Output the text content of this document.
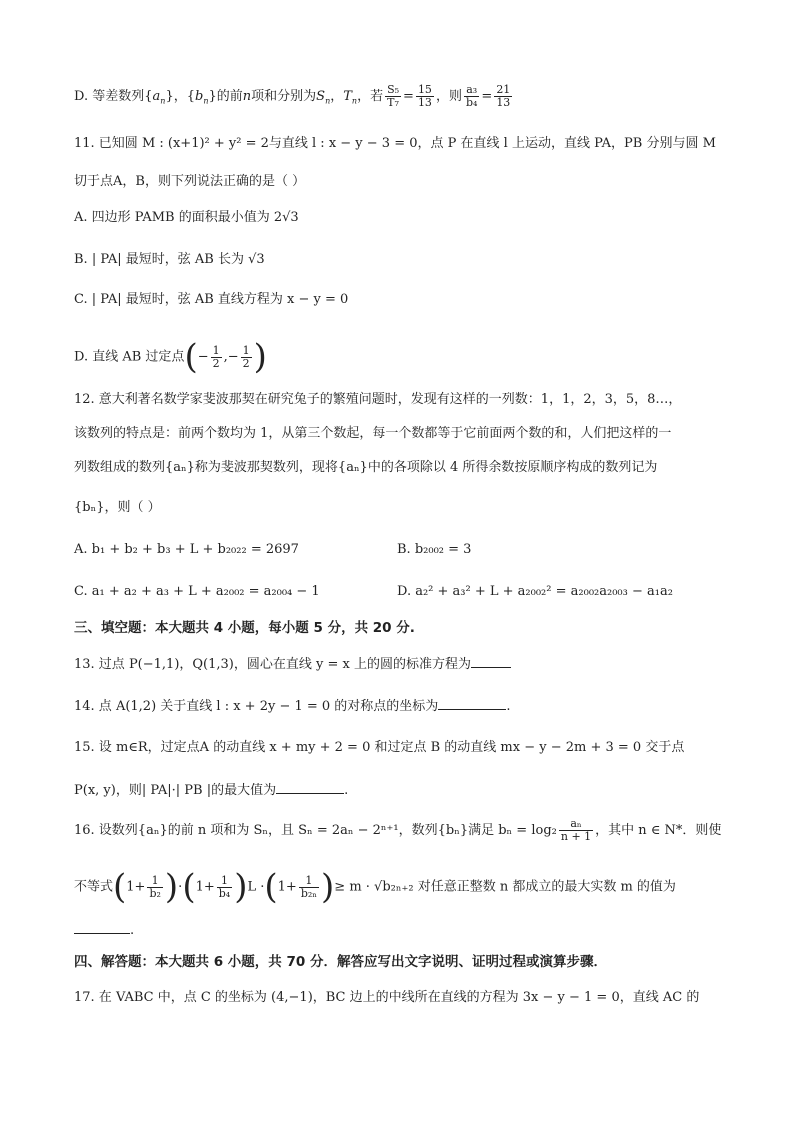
D. 等差数列$\{a_n\}$，$\{b_n\}$的前n项和分别为$S_n$，$T_n$，若 $\frac{\text{S₅}}{\text{T₇}} = \frac{15}{13}$ ，则 $\frac{\text{a₃}}{\text{b₄}} = \frac{21}{13}$
11. 已知圆 M : (x+1)² + y² = 2与直线 l : x − y − 3 = 0，点 P 在直线 l 上运动，直线 PA，PB 分别与圆 M
切于点A，B，则下列说法正确的是（ ）
A. 四边形 PAMB 的面积最小值为 2√3
B. | PA| 最短时，弦 AB 长为 √3
C. | PA| 最短时，弦 AB 直线方程为 x − y = 0
D. 直线 AB 过定点(− $\frac{1}{2}$ ,− $\frac{1}{2}$ )
12. 意大利著名数学家斐波那契在研究兔子的繁殖问题时，发现有这样的一列数：1，1，2，3，5，8…，
该数列的特点是：前两个数均为 1，从第三个数起，每一个数都等于它前面两个数的和，人们把这样的一
列数组成的数列{aₙ}称为斐波那契数列，现将{aₙ}中的各项除以 4 所得余数按原顺序构成的数列记为
{bₙ}，则（ ）
A. b₁ + b₂ + b₃ + L + b₂₀₂₂ = 2697	B. b₂₀₀₂ = 3
C. a₁ + a₂ + a₃ + L + a₂₀₀₂ = a₂₀₀₄ − 1	D. a₂² + a₃² + L + a₂₀₀₂² = a₂₀₀₂a₂₀₀₃ − a₁a₂
三、填空题：本大题共 4 小题，每小题 5 分，共 20 分.
13. 过点 P(−1,1)，Q(1,3)，圆心在直线 y = x 上的圆的标准方程为
14. 点 A(1,2) 关于直线 l : x + 2y − 1 = 0 的对称点的坐标为	.
15. 设 m∈R，过定点A 的动直线 x + my + 2 = 0 和过定点 B 的动直线 mx − y − 2m + 3 = 0 交于点
P(x, y)，则| PA|·| PB |的最大值为	.
16. 设数列{aₙ}的前 n 项和为 Sₙ，且 Sₙ = 2aₙ − 2ⁿ⁺¹，数列{bₙ}满足 $b_n = \log_2 \frac{\text{aₙ}}{n + 1}$ ，其中 n ∈ N*．则使
不等式$(1+ \frac{1}{\text{b₂}} )\cdot(1+ \frac{1}{\text{b₄}} )L \cdot(1+ \frac{1}{\text{b₂ₙ}}$ )≥ m · √b₂ₙ₊₂ 对任意正整数 n 都成立的最大实数 m 的值为
.
四、解答题：本大题共 6 小题，共 70 分．解答应写出文字说明、证明过程或演算步骤．
17. 在 VABC 中，点 C 的坐标为 (4,−1)，BC 边上的中线所在直线的方程为 3x − y − 1 = 0，直线 AC 的
